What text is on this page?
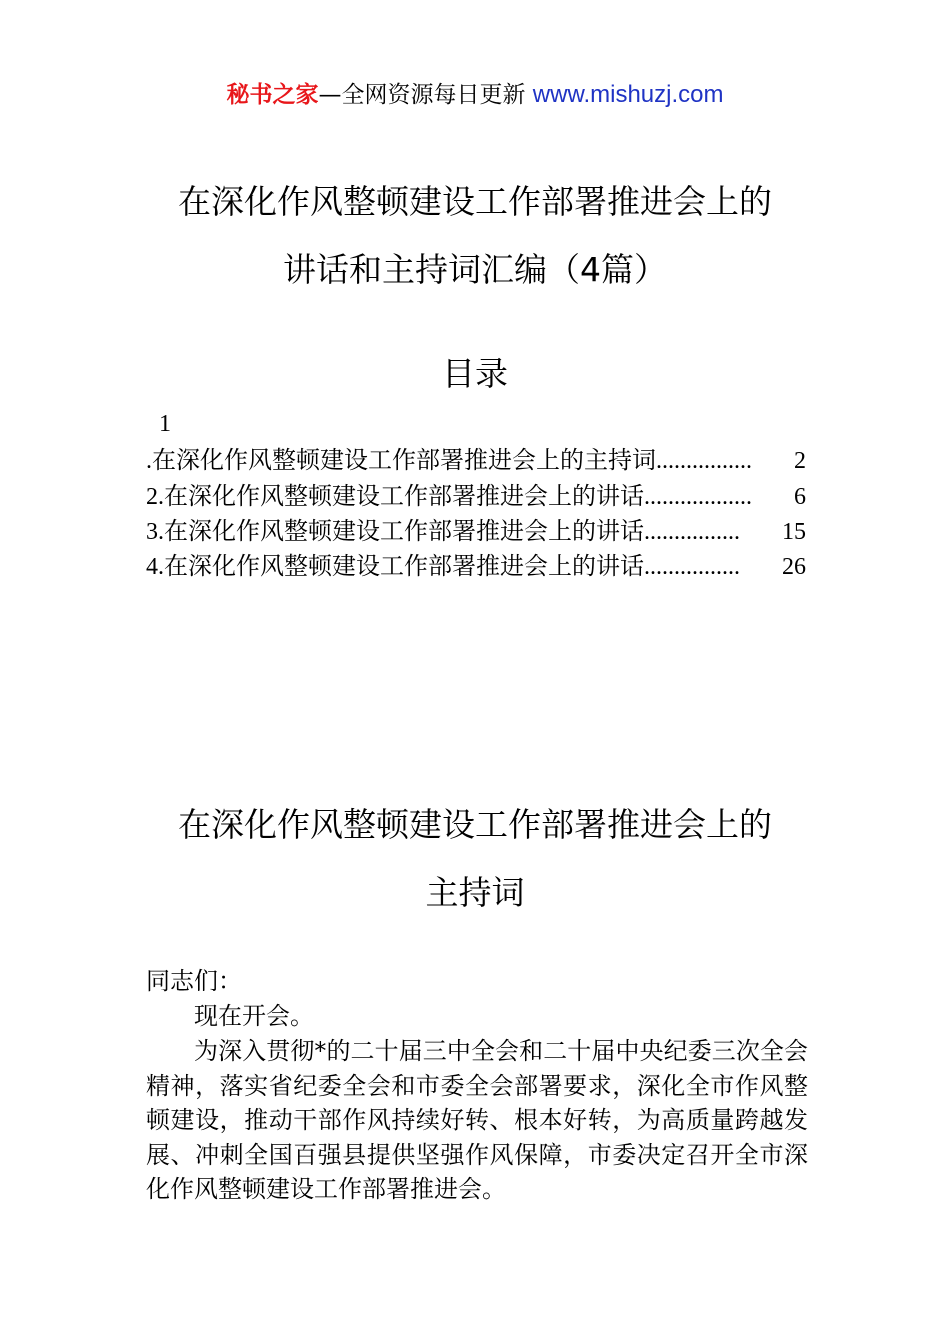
秘书之家—全网资源每日更新 www.mishuzj.com
在深化作风整顿建设工作部署推进会上的
讲话和主持词汇编（4篇）
目录
1
. 在深化作风整顿建设工作部署推进会上的主持词 ................	2
2. 在深化作风整顿建设工作部署推进会上的讲话 ..................	6
3. 在深化作风整顿建设工作部署推进会上的讲话 ................	15
4. 在深化作风整顿建设工作部署推进会上的讲话 ................	26
在深化作风整顿建设工作部署推进会上的
主持词
同志们：
现在开会。
为深入贯彻*的二十届三中全会和二十届中央纪委三次全会精神，落实省纪委全会和市委全会部署要求，深化全市作风整顿建设，推动干部作风持续好转、根本好转，为高质量跨越发展、冲刺全国百强县提供坚强作风保障，市委决定召开全市深化作风整顿建设工作部署推进会。
